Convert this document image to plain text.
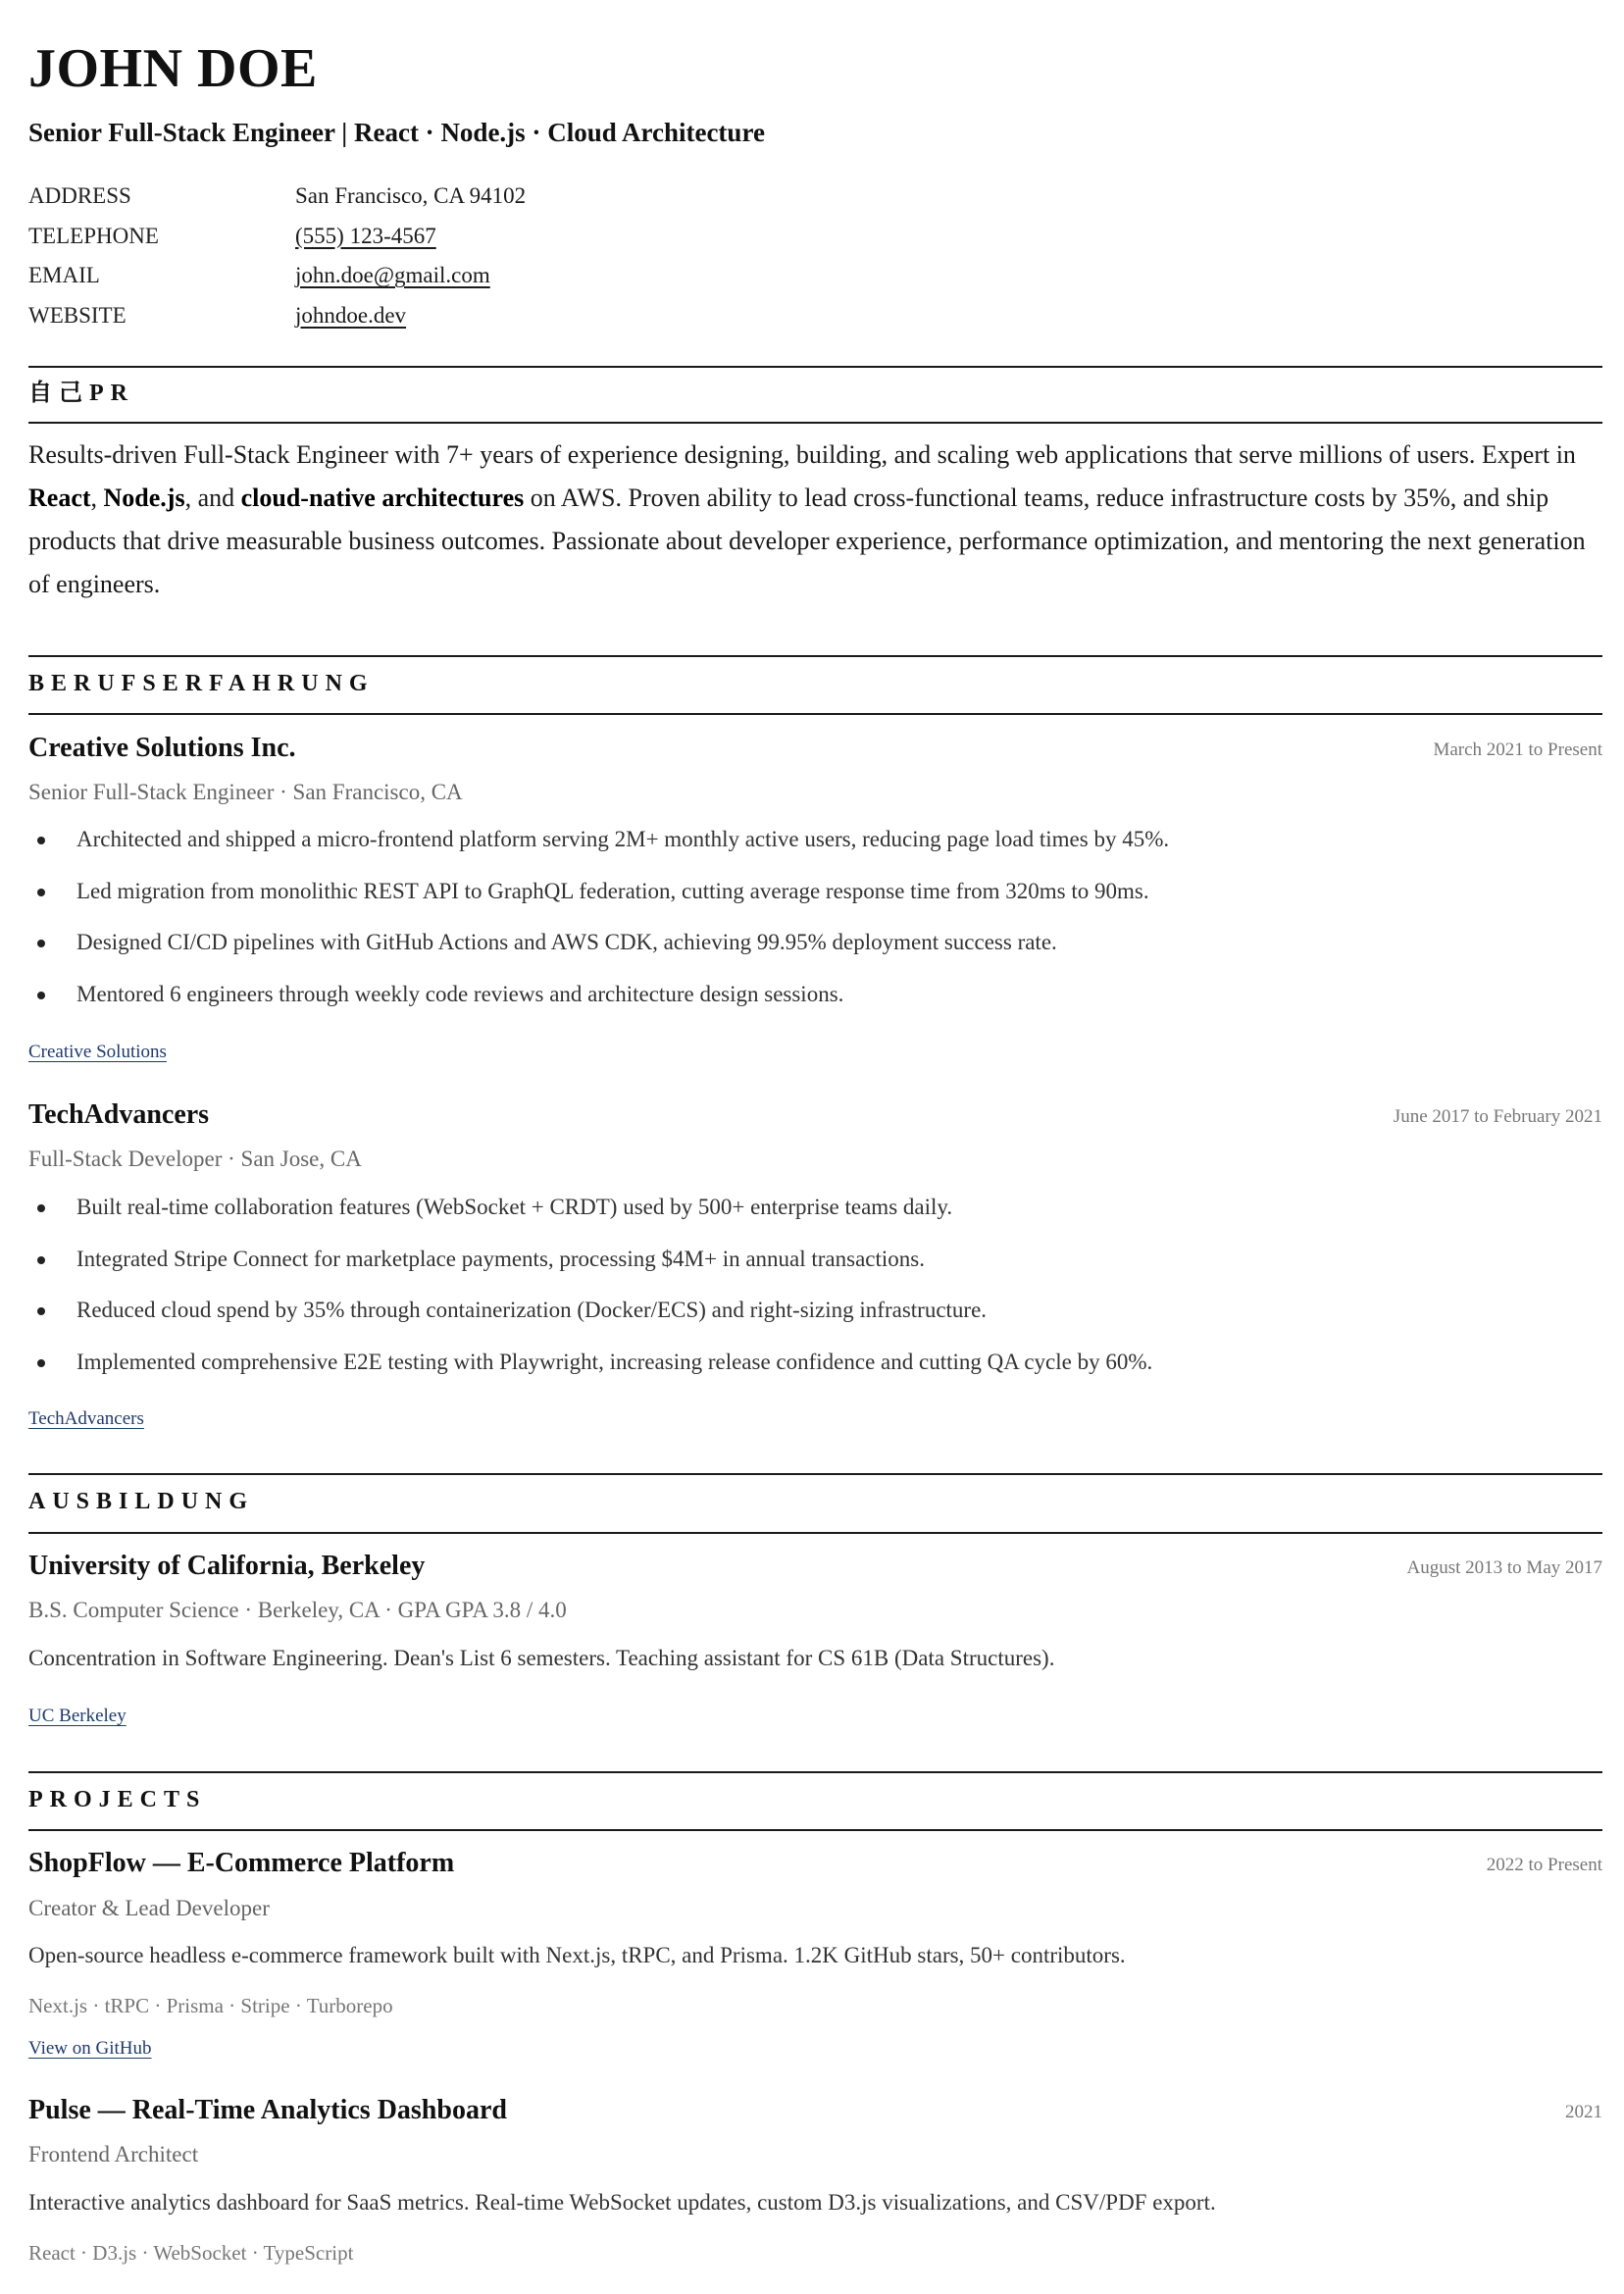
JOHN DOE
Senior Full-Stack Engineer | React · Node.js · Cloud Architecture
ADDRESS	San Francisco, CA 94102
TELEPHONE	(555) 123-4567
EMAIL	john.doe@gmail.com
WEBSITE	johndoe.dev
自己PR
Results-driven Full-Stack Engineer with 7+ years of experience designing, building, and scaling web applications that serve millions of users. Expert in React, Node.js, and cloud-native architectures on AWS. Proven ability to lead cross-functional teams, reduce infrastructure costs by 35%, and ship products that drive measurable business outcomes. Passionate about developer experience, performance optimization, and mentoring the next generation of engineers.
BERUFSERFAHRUNG
Creative Solutions Inc.	March 2021 to Present
Senior Full-Stack Engineer · San Francisco, CA
Architected and shipped a micro-frontend platform serving 2M+ monthly active users, reducing page load times by 45%.
Led migration from monolithic REST API to GraphQL federation, cutting average response time from 320ms to 90ms.
Designed CI/CD pipelines with GitHub Actions and AWS CDK, achieving 99.95% deployment success rate.
Mentored 6 engineers through weekly code reviews and architecture design sessions.
Creative Solutions
TechAdvancers	June 2017 to February 2021
Full-Stack Developer · San Jose, CA
Built real-time collaboration features (WebSocket + CRDT) used by 500+ enterprise teams daily.
Integrated Stripe Connect for marketplace payments, processing $4M+ in annual transactions.
Reduced cloud spend by 35% through containerization (Docker/ECS) and right-sizing infrastructure.
Implemented comprehensive E2E testing with Playwright, increasing release confidence and cutting QA cycle by 60%.
TechAdvancers
AUSBILDUNG
University of California, Berkeley	August 2013 to May 2017
B.S. Computer Science · Berkeley, CA · GPA GPA 3.8 / 4.0
Concentration in Software Engineering. Dean's List 6 semesters. Teaching assistant for CS 61B (Data Structures).
UC Berkeley
PROJECTS
ShopFlow — E-Commerce Platform	2022 to Present
Creator & Lead Developer
Open-source headless e-commerce framework built with Next.js, tRPC, and Prisma. 1.2K GitHub stars, 50+ contributors.
Next.js · tRPC · Prisma · Stripe · Turborepo
View on GitHub
Pulse — Real-Time Analytics Dashboard	2021
Frontend Architect
Interactive analytics dashboard for SaaS metrics. Real-time WebSocket updates, custom D3.js visualizations, and CSV/PDF export.
React · D3.js · WebSocket · TypeScript
